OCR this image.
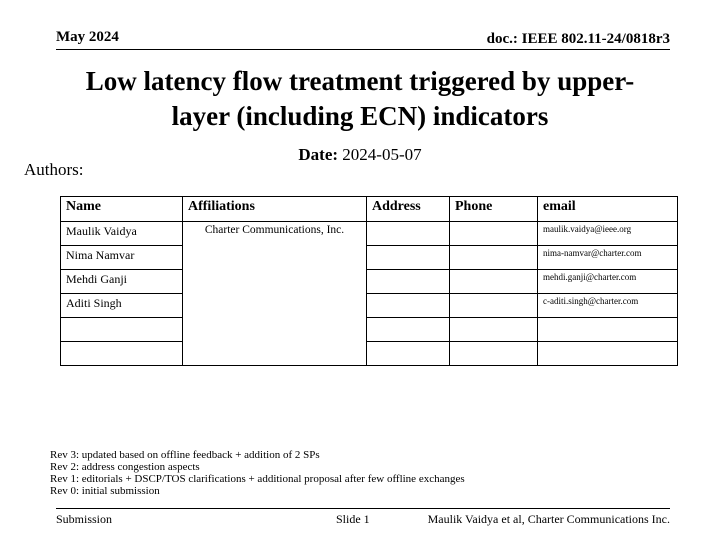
May 2024	doc.: IEEE 802.11-24/0818r3
Low latency flow treatment triggered by upper-
layer (including ECN) indicators
Date: 2024-05-07
Authors:
Name	Affiliations	Address	Phone	email
Maulik Vaidya	Charter Communications, Inc.			maulik.vaidya@ieee.org
Nima Namvar				nima-namvar@charter.com
Mehdi Ganji				mehdi.ganji@charter.com
Aditi Singh				c-aditi.singh@charter.com

Rev 3: updated based on offline feedback + addition of 2 SPs
Rev 2: address congestion aspects
Rev 1: editorials + DSCP/TOS clarifications + additional proposal after few offline exchanges
Rev 0: initial submission
Submission	Slide 1	Maulik Vaidya et al, Charter Communications Inc.
